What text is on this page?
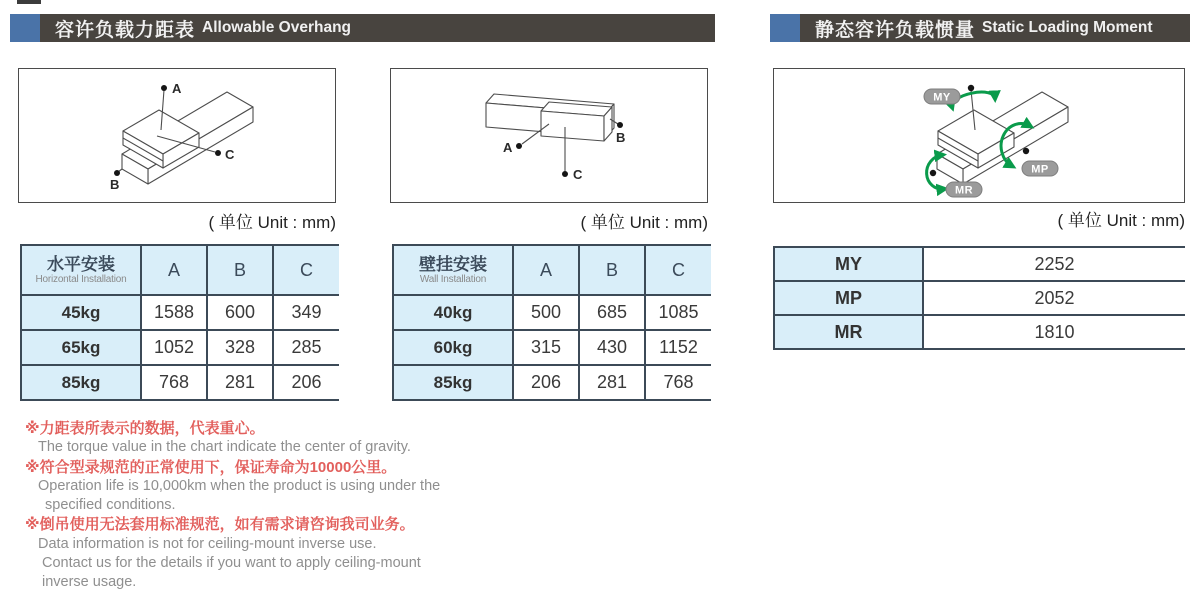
容许负载力距表 Allowable Overhang	静态容许负载惯量 Static Loading Moment
A
B
C	A
B
C
MY
MP
MR
( 单位 Unit : mm)	( 单位 Unit : mm)	( 单位 Unit : mm)
水平安装
Horizontal Installation	A	B	C
45kg	1588	600	349
65kg	1052	328	285
85kg	768	281	206
壁挂安装
Wall Installation	A	B	C
40kg	500	685	1085
60kg	315	430	1152
85kg	206	281	768
MY	2252
MP	2052
MR	1810
※力距表所表示的数据，代表重心。
The torque value in the chart indicate the center of gravity.
※符合型录规范的正常使用下，保证寿命为10000公里。
Operation life is 10,000km when the product is using under the
specified conditions.
※倒吊使用无法套用标准规范，如有需求请咨询我司业务。
Data information is not for ceiling-mount inverse use.
Contact us for the details if you want to apply ceiling-mount
inverse usage.
